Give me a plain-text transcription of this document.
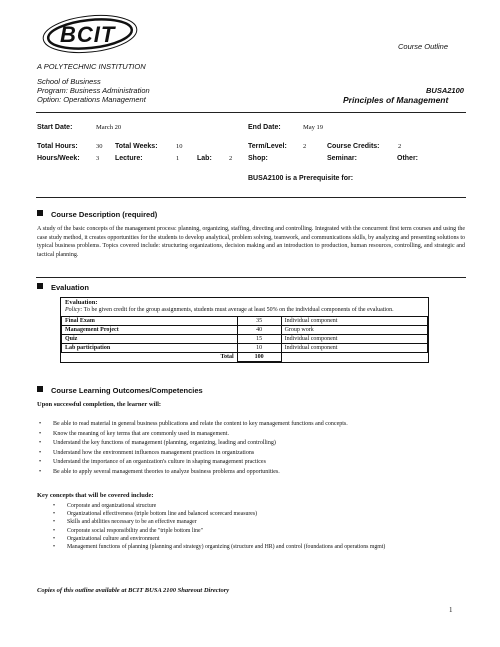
BCIT
A POLYTECHNIC INSTITUTION
Course Outline
School of Business
Program: Business Administration
Option: Operations Management
BUSA2100
Principles of Management
Start Date:	March 20	End Date:	May 19
Total Hours:	30 Total Weeks:	10	Term/Level: 2	Course Credits:	2
Hours/Week:	3 Lecture:	1	Lab:	2 Shop:	Seminar:	Other:
BUSA2100 is a Prerequisite for:
Course Description (required)
A study of the basic concepts of the management process: planning, organizing, staffing, directing and controlling. Integrated with the concurrent first term courses and using the case study method, it creates opportunities for the students to develop analytical, problem solving, teamwork, and communications skills, by analyzing and presenting solutions to typical business problems. Topics covered include: structuring organizations, decision making and an introduction to production, human resources, controlling, and strategic and tactical planning.
Evaluation
Evaluation:
Policy: To be given credit for the group assignments, students must average at least 50% on the individual components of the evaluation.
Final Exam	35	Individual component
Management Project	40	Group work
Quiz	15	Individual component
Lab participation	10	Individual component
Total	100	
Course Learning Outcomes/Competencies
Upon successful completion, the learner will:
• Be able to read material in general business publications and relate the content to key management functions and concepts.
• Know the meaning of key terms that are commonly used in management.
• Understand the key functions of management (planning, organizing, leading and controlling)
• Understand how the environment influences management practices in organizations
• Understand the importance of an organization's culture in shaping management practices
• Be able to apply several management theories to analyze business problems and opportunities.
Key concepts that will be covered include:
• Corporate and organizational structure
• Organizational effectiveness (triple bottom line and balanced scorecard measures)
• Skills and abilities necessary to be an effective manager
• Corporate social responsibility and the "triple bottom line"
• Organizational culture and environment
• Management functions of planning (planning and strategy) organizing (structure and HR) and control (foundations and operations mgmt)
Copies of this outline available at BCIT BUSA 2100 Shareout Directory
1
